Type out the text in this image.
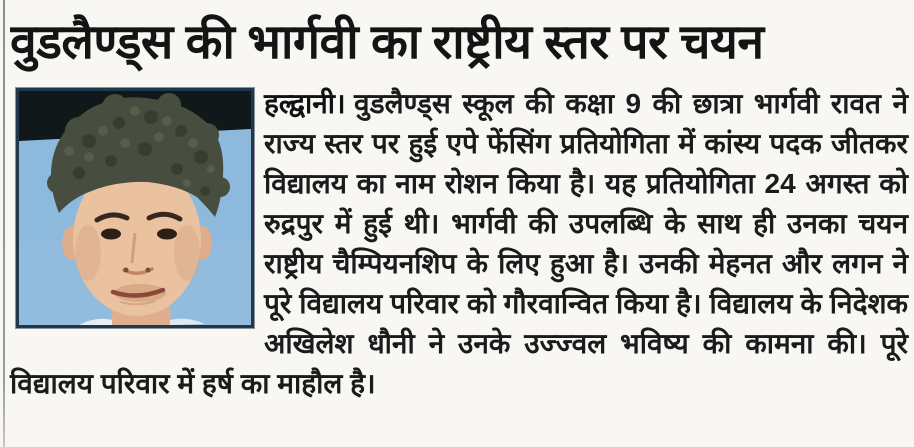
वुडलैण्ड्स की भार्गवी का राष्ट्रीय स्तर पर चयन

हल्द्वानी। वुडलैण्ड्स स्कूल की कक्षा 9 की छात्रा भार्गवी रावत ने राज्य स्तर पर हुई एपे फेंसिंग प्रतियोगिता में कांस्य पदक जीतकर विद्यालय का नाम रोशन किया है। यह प्रतियोगिता 24 अगस्त को रुद्रपुर में हुई थी। भार्गवी की उपलब्धि के साथ ही उनका चयन राष्ट्रीय चैम्पियनशिप के लिए हुआ है। उनकी मेहनत और लगन ने पूरे विद्यालय परिवार को गौरवान्वित किया है। विद्यालय के निदेशक अखिलेश धौनी ने उनके उज्ज्वल भविष्य की कामना की। पूरे विद्यालय परिवार में हर्ष का माहौल है।
